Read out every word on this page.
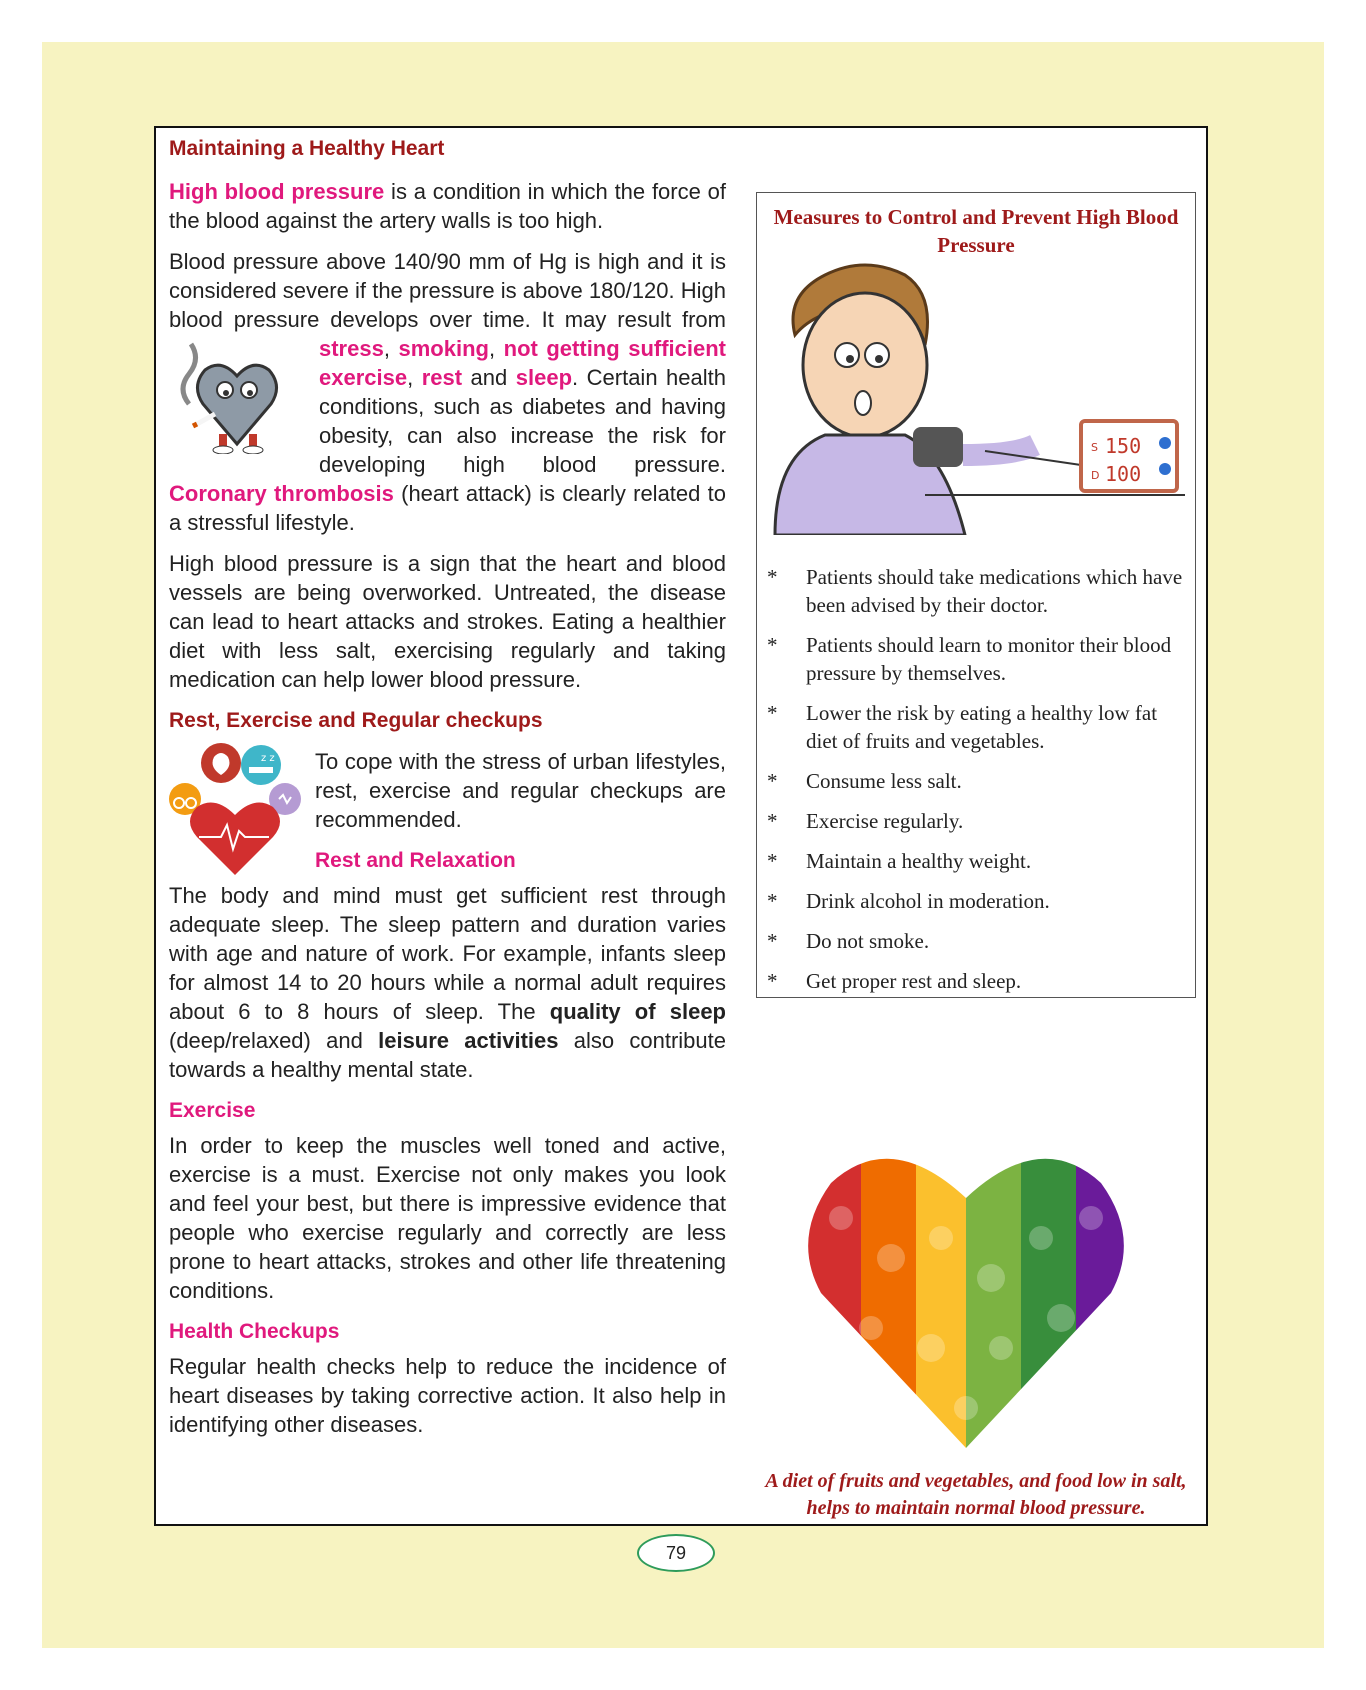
Maintaining a Healthy Heart

High blood pressure is a condition in which the force of the blood against the artery walls is too high.

Blood pressure above 140/90 mm of Hg is high and it is considered severe if the pressure is above 180/120. High blood pressure develops over time. It may result from
stress, smoking, not getting sufficient exercise, rest and sleep. Certain health conditions, such as diabetes and having obesity, can also increase the risk for developing high blood pressure. Coronary thrombosis (heart attack) is clearly related to a stressful lifestyle.

High blood pressure is a sign that the heart and blood vessels are being overworked. Untreated, the disease can lead to heart attacks and strokes. Eating a healthier diet with less salt, exercising regularly and taking medication can help lower blood pressure.

Rest, Exercise and Regular checkups
z z	To cope with the stress of urban lifestyles, rest, exercise and regular checkups are recommended.

Rest and Relaxation

The body and mind must get sufficient rest through adequate sleep. The sleep pattern and duration varies with age and nature of work. For example, infants sleep for almost 14 to 20 hours while a normal adult requires about 6 to 8 hours of sleep. The quality of sleep (deep/relaxed) and leisure activities also contribute towards a healthy mental state.

Exercise

In order to keep the muscles well toned and active, exercise is a must. Exercise not only makes you look and feel your best, but there is impressive evidence that people who exercise regularly and correctly are less prone to heart attacks, strokes and other life threatening conditions.

Health Checkups

Regular health checks help to reduce the incidence of heart diseases by taking corrective action. It also help in identifying other diseases.

Measures to Control and Prevent High Blood Pressure
S 150
D 100
* Patients should take medications which have been advised by their doctor.
* Patients should learn to monitor their blood pressure by themselves.
* Lower the risk by eating a healthy low fat diet of fruits and vegetables.
* Consume less salt.
* Exercise regularly.
* Maintain a healthy weight.
* Drink alcohol in moderation.
* Do not smoke.
* Get proper rest and sleep.
A diet of fruits and vegetables, and food low in salt, helps to maintain normal blood pressure.
79
